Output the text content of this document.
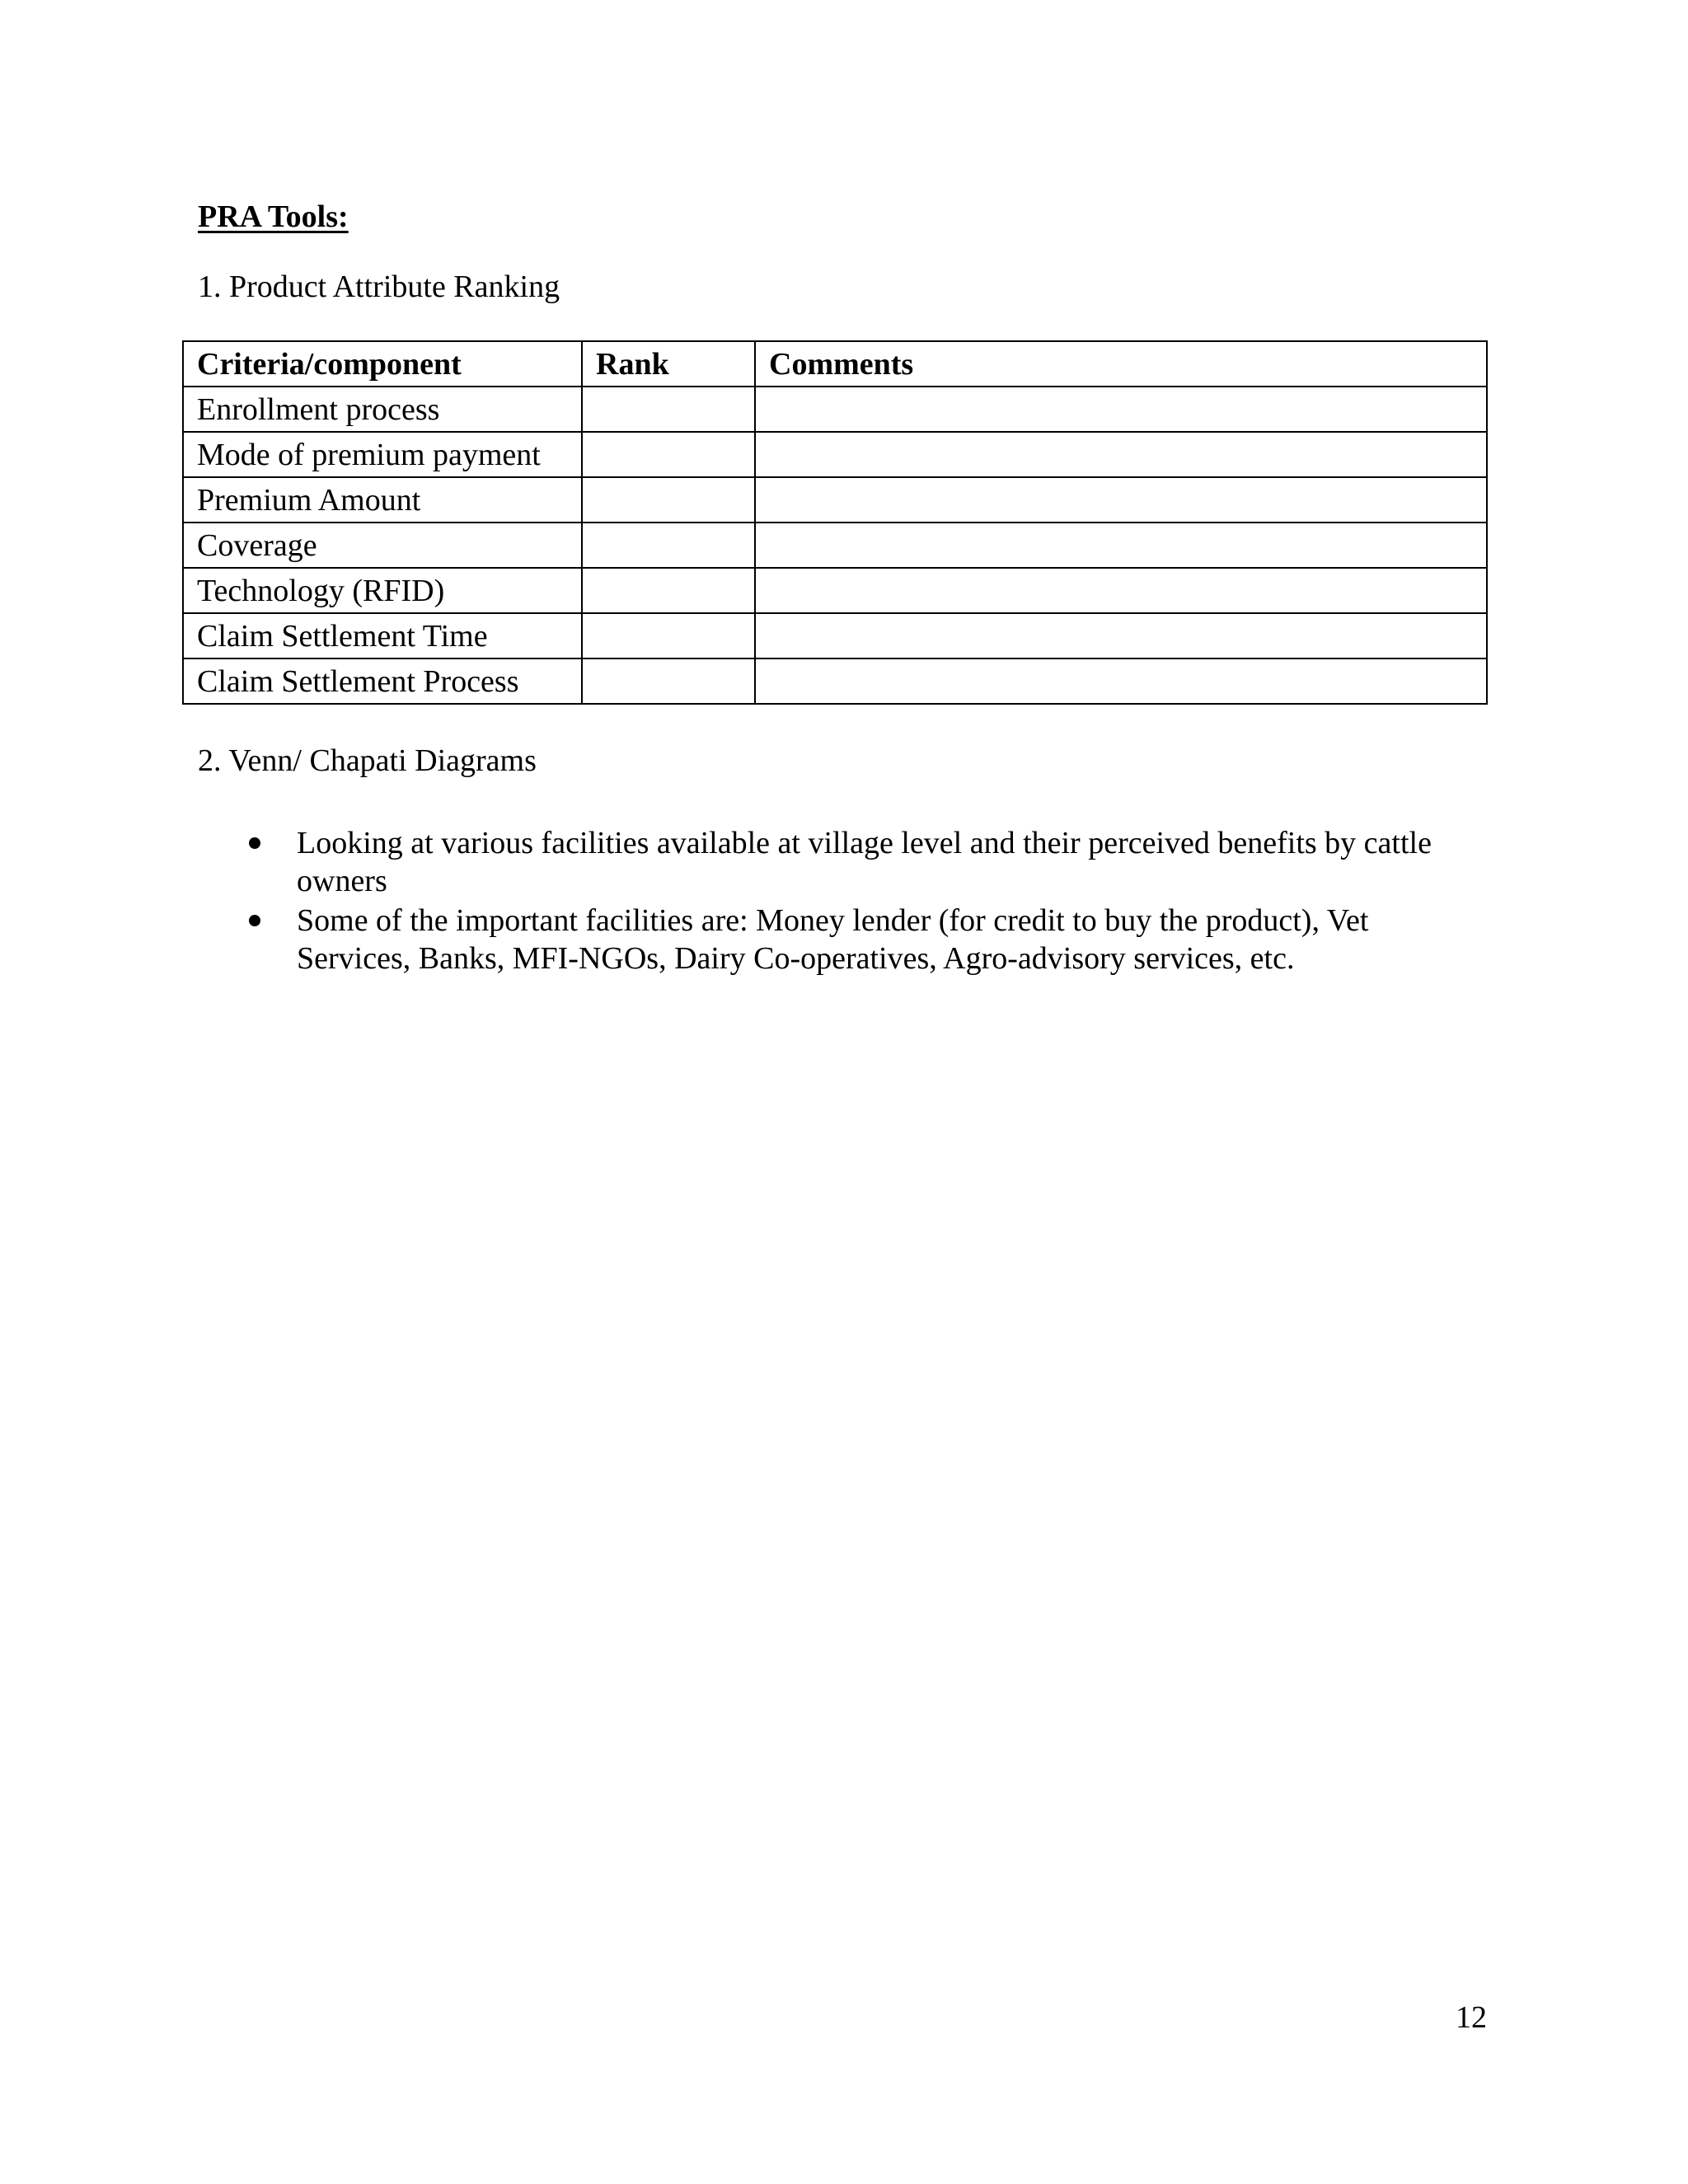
PRA Tools:

1. Product Attribute Ranking

Criteria/component	Rank	Comments
Enrollment process		
Mode of premium payment		
Premium Amount		
Coverage		
Technology (RFID)		
Claim Settlement Time		
Claim Settlement Process		

2. Venn/ Chapati Diagrams

Looking at various facilities available at village level and their perceived benefits by cattle owners
Some of the important facilities are: Money lender (for credit to buy the product), Vet Services, Banks, MFI-NGOs, Dairy Co-operatives, Agro-advisory services, etc.
12
